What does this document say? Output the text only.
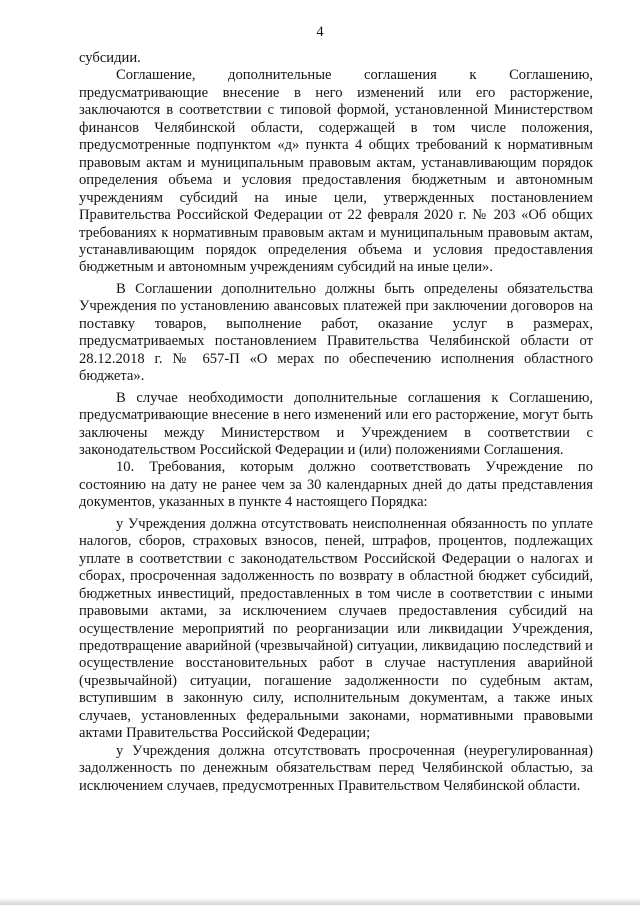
4

субсидии.

Соглашение, дополнительные соглашения к Соглашению, предусматривающие внесение в него изменений или его расторжение, заключаются в соответствии с типовой формой, установленной Министерством финансов Челябинской области, содержащей в том числе положения, предусмотренные подпунктом «д» пункта 4 общих требований к нормативным правовым актам и муниципальным правовым актам, устанавливающим порядок определения объема и условия предоставления бюджетным и автономным учреждениям субсидий на иные цели, утвержденных постановлением Правительства Российской Федерации от 22 февраля 2020 г. № 203 «Об общих требованиях к нормативным правовым актам и муниципальным правовым актам, устанавливающим порядок определения объема и условия предоставления бюджетным и автономным учреждениям субсидий на иные цели».

В Соглашении дополнительно должны быть определены обязательства Учреждения по установлению авансовых платежей при заключении договоров на поставку товаров, выполнение работ, оказание услуг в размерах, предусматриваемых постановлением Правительства Челябинской области от 28.12.2018 г. № 657-П «О мерах по обеспечению исполнения областного бюджета».

В случае необходимости дополнительные соглашения к Соглашению, предусматривающие внесение в него изменений или его расторжение, могут быть заключены между Министерством и Учреждением в соответствии с законодательством Российской Федерации и (или) положениями Соглашения.

10. Требования, которым должно соответствовать Учреждение по состоянию на дату не ранее чем за 30 календарных дней до даты представления документов, указанных в пункте 4 настоящего Порядка:

у Учреждения должна отсутствовать неисполненная обязанность по уплате налогов, сборов, страховых взносов, пеней, штрафов, процентов, подлежащих уплате в соответствии с законодательством Российской Федерации о налогах и сборах, просроченная задолженность по возврату в областной бюджет субсидий, бюджетных инвестиций, предоставленных в том числе в соответствии с иными правовыми актами, за исключением случаев предоставления субсидий на осуществление мероприятий по реорганизации или ликвидации Учреждения, предотвращение аварийной (чрезвычайной) ситуации, ликвидацию последствий и осуществление восстановительных работ в случае наступления аварийной (чрезвычайной) ситуации, погашение задолженности по судебным актам, вступившим в законную силу, исполнительным документам, а также иных случаев, установленных федеральными законами, нормативными правовыми актами Правительства Российской Федерации;

у Учреждения должна отсутствовать просроченная (неурегулированная) задолженность по денежным обязательствам перед Челябинской областью, за исключением случаев, предусмотренных Правительством Челябинской области.
